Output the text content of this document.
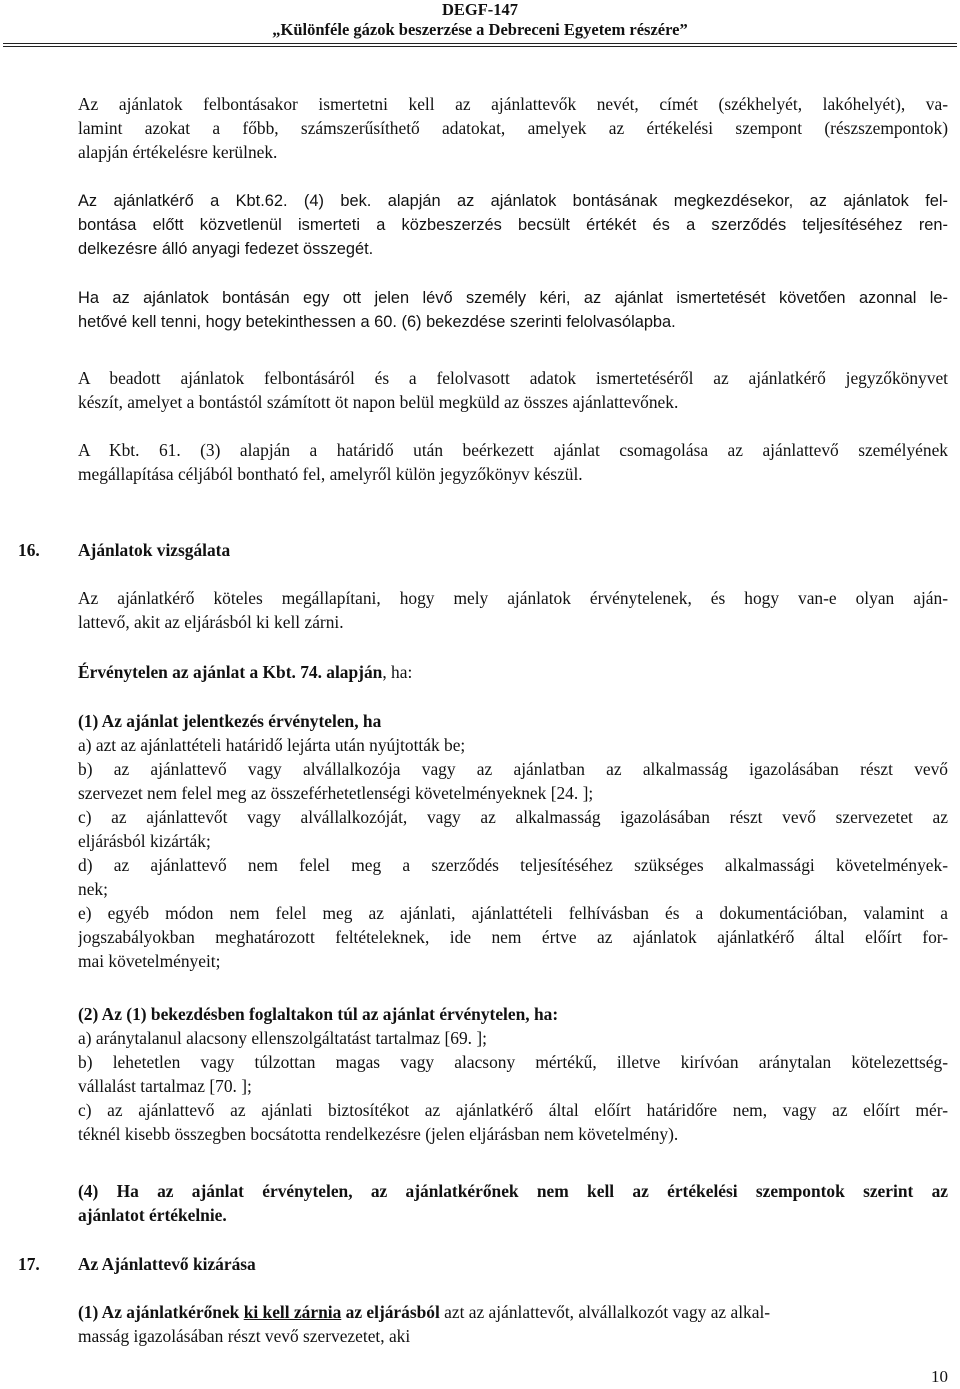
DEGF-147
„Különféle gázok beszerzése a Debreceni Egyetem részére”
Az ajánlatok felbontásakor ismertetni kell az ajánlattevők nevét, címét (székhelyét, lakóhelyét), va-
lamint azokat a főbb, számszerűsíthető adatokat, amelyek az értékelési szempont (részszempontok)
alapján értékelésre kerülnek.
Az ajánlatkérő a Kbt.62. (4) bek. alapján az ajánlatok bontásának megkezdésekor, az ajánlatok fel-
bontása előtt közvetlenül ismerteti a közbeszerzés becsült értékét és a szerződés teljesítéséhez ren-
delkezésre álló anyagi fedezet összegét.
Ha az ajánlatok bontásán egy ott jelen lévő személy kéri, az ajánlat ismertetését követően azonnal le-
hetővé kell tenni, hogy betekinthessen a 60. (6) bekezdése szerinti felolvasólapba.
A beadott ajánlatok felbontásáról és a felolvasott adatok ismertetéséről az ajánlatkérő jegyzőkönyvet
készít, amelyet a bontástól számított öt napon belül megküld az összes ajánlattevőnek.
A Kbt. 61. (3) alapján a határidő után beérkezett ajánlat csomagolása az ajánlattevő személyének
megállapítása céljából bontható fel, amelyről külön jegyzőkönyv készül.
16. Ajánlatok vizsgálata
Az ajánlatkérő köteles megállapítani, hogy mely ajánlatok érvénytelenek, és hogy van-e olyan aján-
lattevő, akit az eljárásból ki kell zárni.
Érvénytelen az ajánlat a Kbt. 74. alapján, ha:
(1) Az ajánlat jelentkezés érvénytelen, ha
a) azt az ajánlattételi határidő lejárta után nyújtották be;
b) az ajánlattevő vagy alvállalkozója vagy az ajánlatban az alkalmasság igazolásában részt vevő
szervezet nem felel meg az összeférhetetlenségi követelményeknek [24. ];
c) az ajánlattevőt vagy alvállalkozóját, vagy az alkalmasság igazolásában részt vevő szervezetet az
eljárásból kizárták;
d) az ajánlattevő nem felel meg a szerződés teljesítéséhez szükséges alkalmassági követelmények-
nek;
e) egyéb módon nem felel meg az ajánlati, ajánlattételi felhívásban és a dokumentációban, valamint a
jogszabályokban meghatározott feltételeknek, ide nem értve az ajánlatok ajánlatkérő által előírt for-
mai követelményeit;
(2) Az (1) bekezdésben foglaltakon túl az ajánlat érvénytelen, ha:
a) aránytalanul alacsony ellenszolgáltatást tartalmaz [69. ];
b) lehetetlen vagy túlzottan magas vagy alacsony mértékű, illetve kirívóan aránytalan kötelezettség-
vállalást tartalmaz [70. ];
c) az ajánlattevő az ajánlati biztosítékot az ajánlatkérő által előírt határidőre nem, vagy az előírt mér-
téknél kisebb összegben bocsátotta rendelkezésre (jelen eljárásban nem követelmény).
(4) Ha az ajánlat érvénytelen, az ajánlatkérőnek nem kell az értékelési szempontok szerint az
ajánlatot értékelnie.
17. Az Ajánlattevő kizárása
(1) Az ajánlatkérőnek ki kell zárnia az eljárásból azt az ajánlattevőt, alvállalkozót vagy az alkal-
masság igazolásában részt vevő szervezetet, aki
10
